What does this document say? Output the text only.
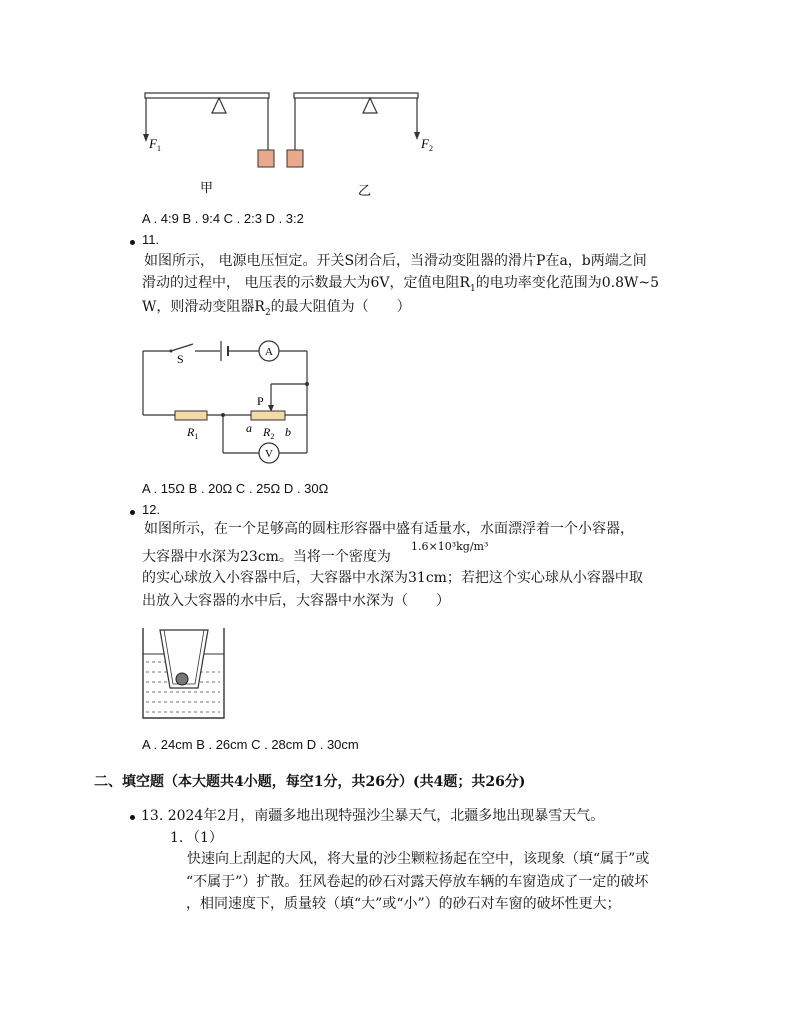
$F_1$	$F_2$
甲	乙
A . 4:9 B . 9:4 C . 2:3 D . 3:2
11.
如图所示， 电源电压恒定。开关S闭合后，当滑动变阻器的滑片P在a，b两端之间
滑动的过程中， 电压表的示数最大为6V，定值电阻$R_1$的电功率变化范围为0.8W~5
W，则滑动变阻器$R_2$的最大阻值为（　　）
S	A
P
V
$R_1$	$R_2$
a	b
A . 15Ω B . 20Ω C . 25Ω D . 30Ω
12.
如图所示，在一个足够高的圆柱形容器中盛有适量水，水面漂浮着一个小容器，
大容器中水深为23cm。当将一个密度为
1.6×10³kg/m³
的实心球放入小容器中后，大容器中水深为31cm；若把这个实心球从小容器中取
出放入大容器的水中后，大容器中水深为（　　）
A . 24cm B . 26cm C . 28cm D . 30cm
二、填空题（本大题共4小题，每空1分，共26分）(共4题；共26分)
13. 2024年2月，南疆多地出现特强沙尘暴天气，北疆多地出现暴雪天气。
1. （1）
快速向上刮起的大风，将大量的沙尘颗粒扬起在空中，该现象（填“属于”或
“不属于”）扩散。狂风卷起的砂石对露天停放车辆的车窗造成了一定的破坏
，相同速度下，质量较（填“大”或“小”）的砂石对车窗的破坏性更大；
